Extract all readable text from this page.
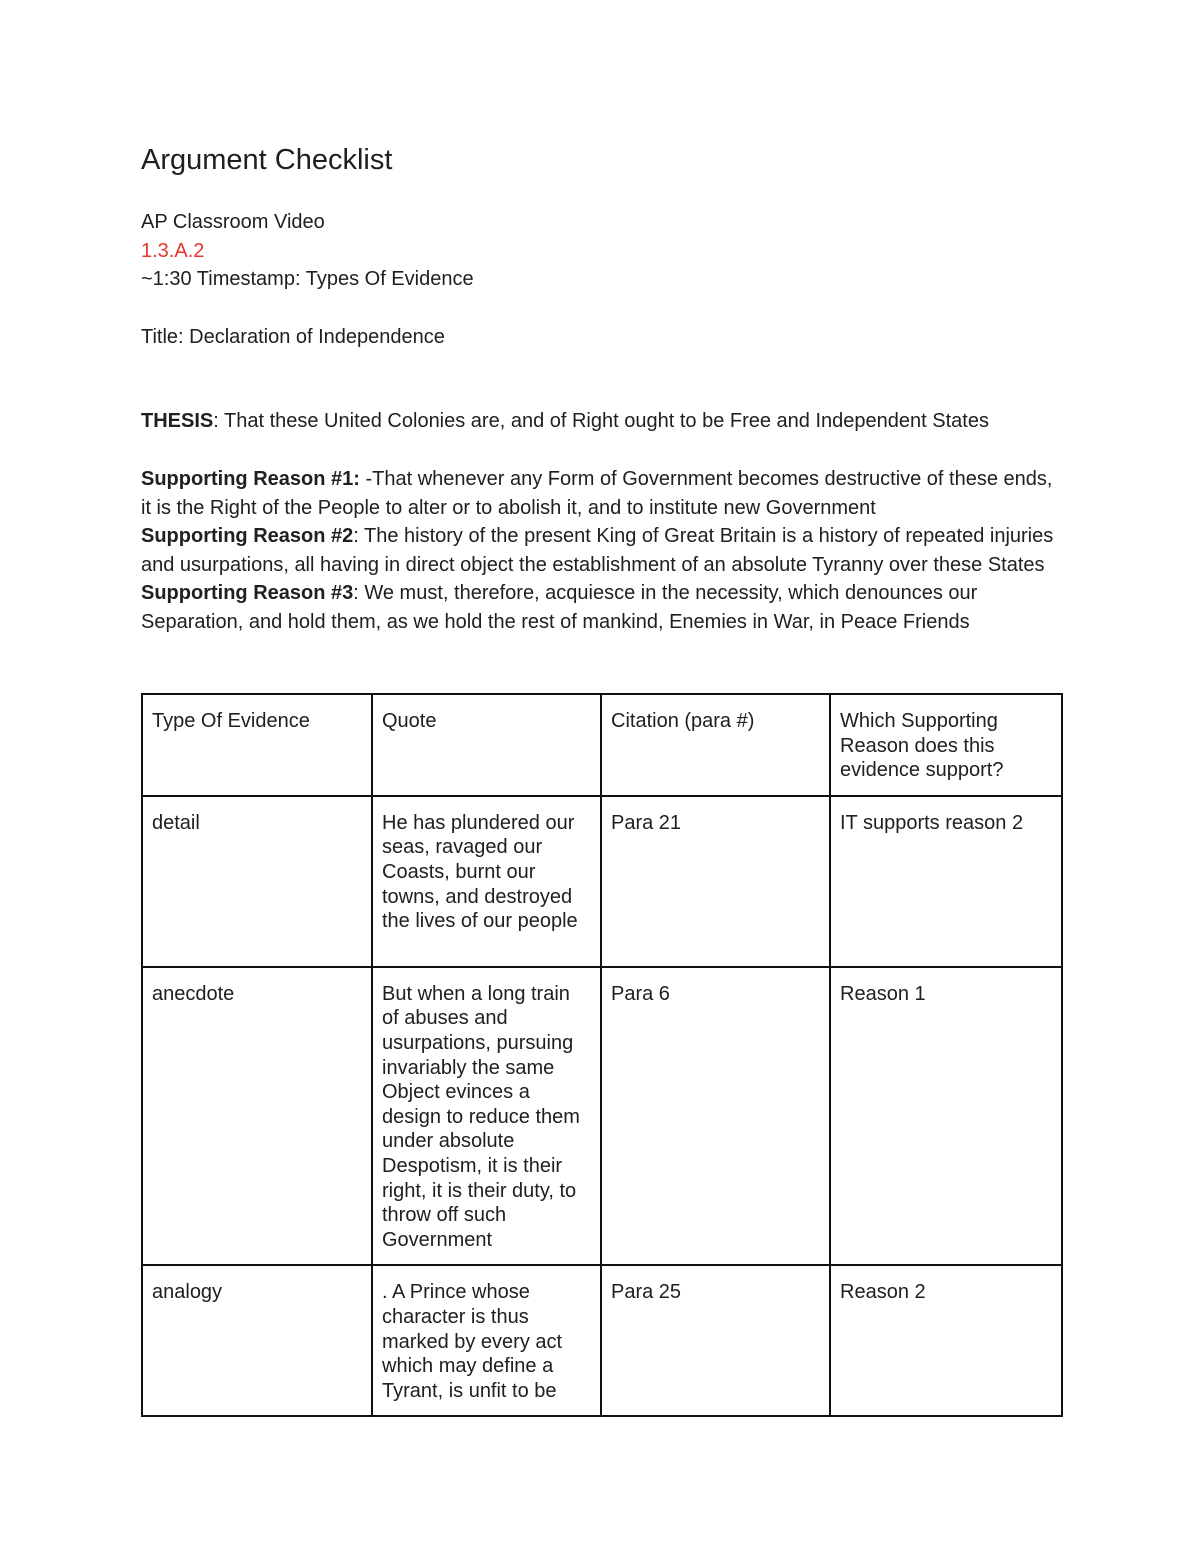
Argument Checklist

AP Classroom Video

1.3.A.2

~1:30 Timestamp: Types Of Evidence

Title: Declaration of Independence

THESIS: That these United Colonies are, and of Right ought to be Free and Independent States

Supporting Reason #1: -That whenever any Form of Government becomes destructive of these ends, it is the Right of the People to alter or to abolish it, and to institute new Government

Supporting Reason #2: The history of the present King of Great Britain is a history of repeated injuries and usurpations, all having in direct object the establishment of an absolute Tyranny over these States

Supporting Reason #3: We must, therefore, acquiesce in the necessity, which denounces our Separation, and hold them, as we hold the rest of mankind, Enemies in War, in Peace Friends

Type Of Evidence	Quote	Citation (para #)	Which Supporting Reason does this evidence support?
detail	He has plundered our seas, ravaged our Coasts, burnt our towns, and destroyed the lives of our people	Para 21	IT supports reason 2
anecdote	But when a long train of abuses and usurpations, pursuing invariably the same Object evinces a design to reduce them under absolute Despotism, it is their right, it is their duty, to throw off such Government	Para 6	Reason 1
analogy	. A Prince whose character is thus marked by every act which may define a Tyrant, is unfit to be	Para 25	Reason 2
